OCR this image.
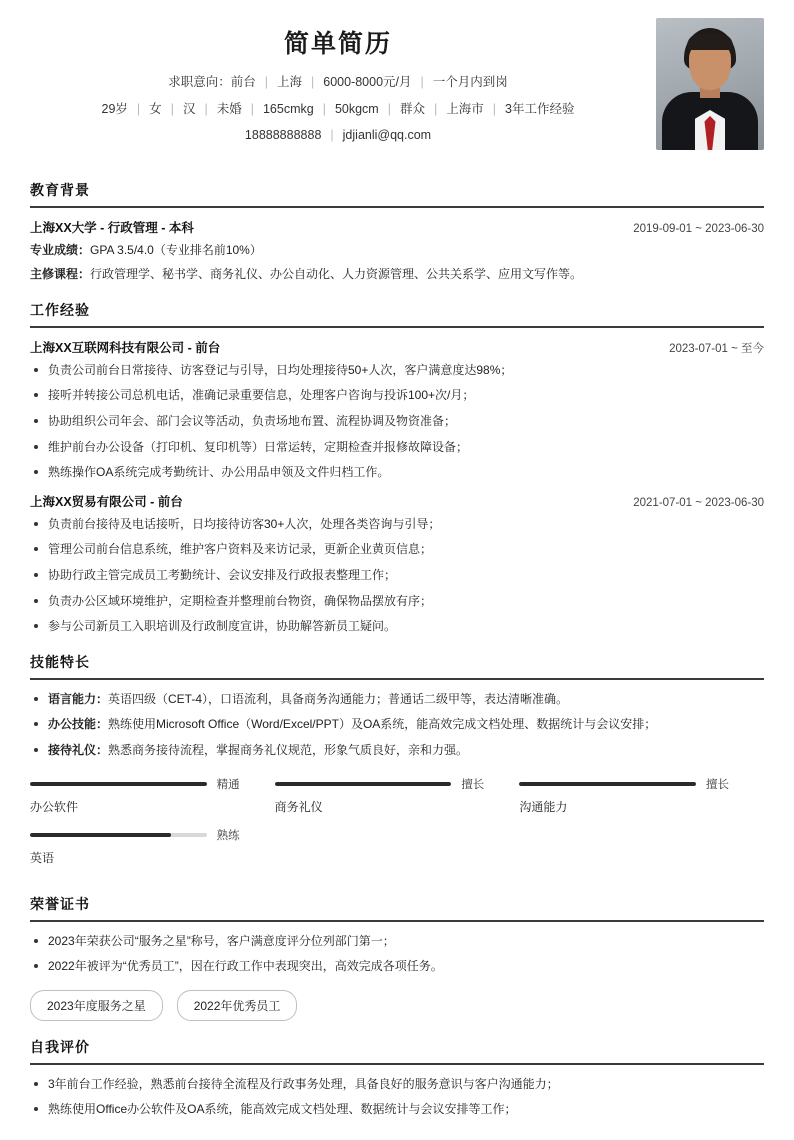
简单简历
求职意向：前台 | 上海 | 6000-8000元/月 | 一个月内到岗
29岁 | 女 | 汉 | 未婚 | 165cmkg | 50kgcm | 群众 | 上海市 | 3年工作经验
18888888888 | jdjianli@qq.com
教育背景
上海XX大学 - 行政管理 - 本科	2019-09-01 ~ 2023-06-30
专业成绩：GPA 3.5/4.0（专业排名前10%）
主修课程：行政管理学、秘书学、商务礼仪、办公自动化、人力资源管理、公共关系学、应用文写作等。
工作经验
上海XX互联网科技有限公司 - 前台	2023-07-01 ~ 至今
负责公司前台日常接待、访客登记与引导，日均处理接待50+人次，客户满意度达98%；
接听并转接公司总机电话，准确记录重要信息，处理客户咨询与投诉100+次/月；
协助组织公司年会、部门会议等活动，负责场地布置、流程协调及物资准备；
维护前台办公设备（打印机、复印机等）日常运转，定期检查并报修故障设备；
熟练操作OA系统完成考勤统计、办公用品申领及文件归档工作。
上海XX贸易有限公司 - 前台	2021-07-01 ~ 2023-06-30
负责前台接待及电话接听，日均接待访客30+人次，处理各类咨询与引导；
管理公司前台信息系统，维护客户资料及来访记录，更新企业黄页信息；
协助行政主管完成员工考勤统计、会议安排及行政报表整理工作；
负责办公区域环境维护，定期检查并整理前台物资，确保物品摆放有序；
参与公司新员工入职培训及行政制度宣讲，协助解答新员工疑问。
技能特长
语言能力：英语四级（CET-4），口语流利，具备商务沟通能力；普通话二级甲等，表达清晰准确。
办公技能：熟练使用Microsoft Office（Word/Excel/PPT）及OA系统，能高效完成文档处理、数据统计与会议安排；
接待礼仪：熟悉商务接待流程，掌握商务礼仪规范，形象气质良好，亲和力强。
精通
办公软件
擅长
商务礼仪
擅长
沟通能力
熟练
英语
荣誉证书
2023年荣获公司“服务之星”称号，客户满意度评分位列部门第一；
2022年被评为“优秀员工”，因在行政工作中表现突出，高效完成各项任务。
2023年度服务之星	2022年优秀员工
自我评价
3年前台工作经验，熟悉前台接待全流程及行政事务处理，具备良好的服务意识与客户沟通能力；
熟练使用Office办公软件及OA系统，能高效完成文档处理、数据统计与会议安排等工作；
